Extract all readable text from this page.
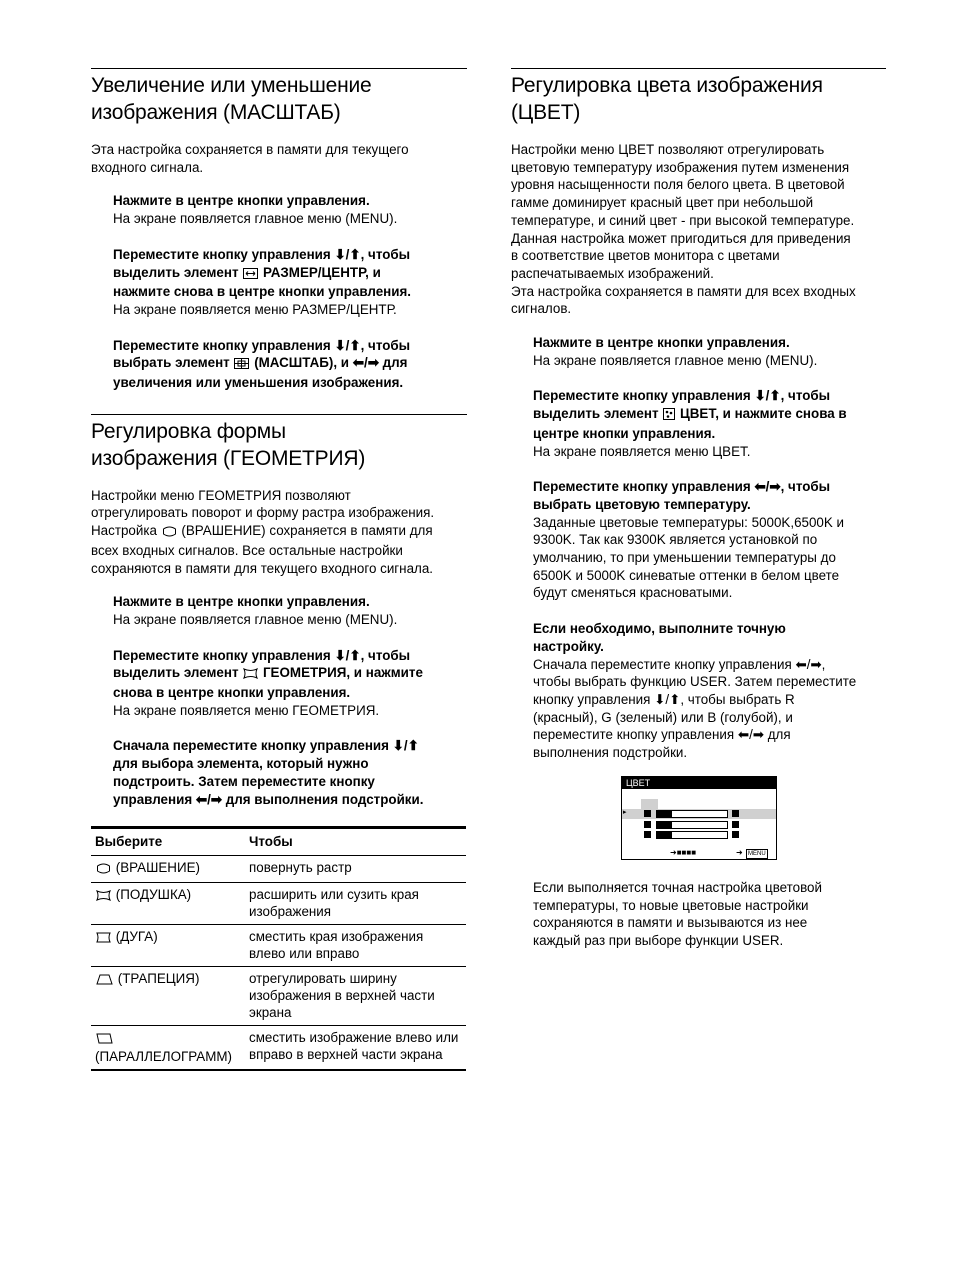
Увеличение или уменьшение
изображения (МАСШТАБ)

Эта настройка сохраняется в памяти для текущего
входного сигнала.

Нажмите в центре кнопки управления.
На экране появляется главное меню (MENU).

Переместите кнопку управления ⬇/⬆, чтобы
выделить элемент  РАЗМЕР/ЦЕНТР, и
нажмите снова в центре кнопки управления.
На экране появляется меню РАЗМЕР/ЦЕНТР.

Переместите кнопку управления ⬇/⬆, чтобы
выбрать элемент  (МАСШТАБ), и ⬅/➡ для
увеличения или уменьшения изображения.

Регулировка формы
изображения (ГЕОМЕТРИЯ)

Настройки меню ГЕОМЕТРИЯ позволяют
отрегулировать поворот и форму растра изображения.
Настройка  (ВРАШЕНИЕ) сохраняется в памяти для
всех входных сигналов. Все остальные настройки
сохраняются в памяти для текущего входного сигнала.

Нажмите в центре кнопки управления.
На экране появляется главное меню (MENU).

Переместите кнопку управления ⬇/⬆, чтобы
выделить элемент  ГЕОМЕТРИЯ, и нажмите
снова в центре кнопки управления.
На экране появляется меню ГЕОМЕТРИЯ.

Сначала переместите кнопку управления ⬇/⬆
для выбора элемента, который нужно
подстроить. Затем переместите кнопку
управления ⬅/➡ для выполнения подстройки.

Выберите	Чтобы
(ВРАШЕНИЕ)	повернуть растр
(ПОДУШКА)	расширить или сузить края изображения
(ДУГА)	сместить края изображения влево или вправо
(ТРАПЕЦИЯ)	отрегулировать ширину изображения в верхней части экрана

(ПАРАЛЛЕЛОГРАММ)	сместить изображение влево или вправо в верхней части экрана
Регулировка цвета изображения
(ЦВЕТ)

Настройки меню ЦВЕТ позволяют отрегулировать
цветовую температуру изображения путем изменения
уровня насыщенности поля белого цвета. В цветовой
гамме доминирует красный цвет при небольшой
температуре, и синий цвет - при высокой температуре.
Данная настройка может пригодиться для приведения
в соответствие цветов монитора с цветами
распечатываемых изображений.
Эта настройка сохраняется в памяти для всех входных
сигналов.

Нажмите в центре кнопки управления.
На экране появляется главное меню (MENU).

Переместите кнопку управления ⬇/⬆, чтобы
выделить элемент  ЦВЕТ, и нажмите снова в
центре кнопки управления.
На экране появляется меню ЦВЕТ.

Переместите кнопку управления ⬅/➡, чтобы
выбрать цветовую температуру.
Заданные цветовые температуры: 5000K,6500K и
9300K. Так как 9300K является установкой по
умолчанию, то при уменьшении температуры до
6500K и 5000K синеватые оттенки в белом цвете
будут сменяться красноватыми.

Если необходимо, выполните точную
настройку.
Сначала переместите кнопку управления ⬅/➡,
чтобы выбрать функцию USER. Затем переместите
кнопку управления ⬇/⬆, чтобы выбрать R
(красный), G (зеленый) или B (голубой), и
переместите кнопку управления ⬅/➡ для
выполнения подстройки.

Если выполняется точная настройка цветовой
температуры, то новые цветовые настройки
сохраняются в памяти и вызываются из нее
каждый раз при выборе функции USER.

ЦВЕТ
▸
➜■■■■	➜ MENU
